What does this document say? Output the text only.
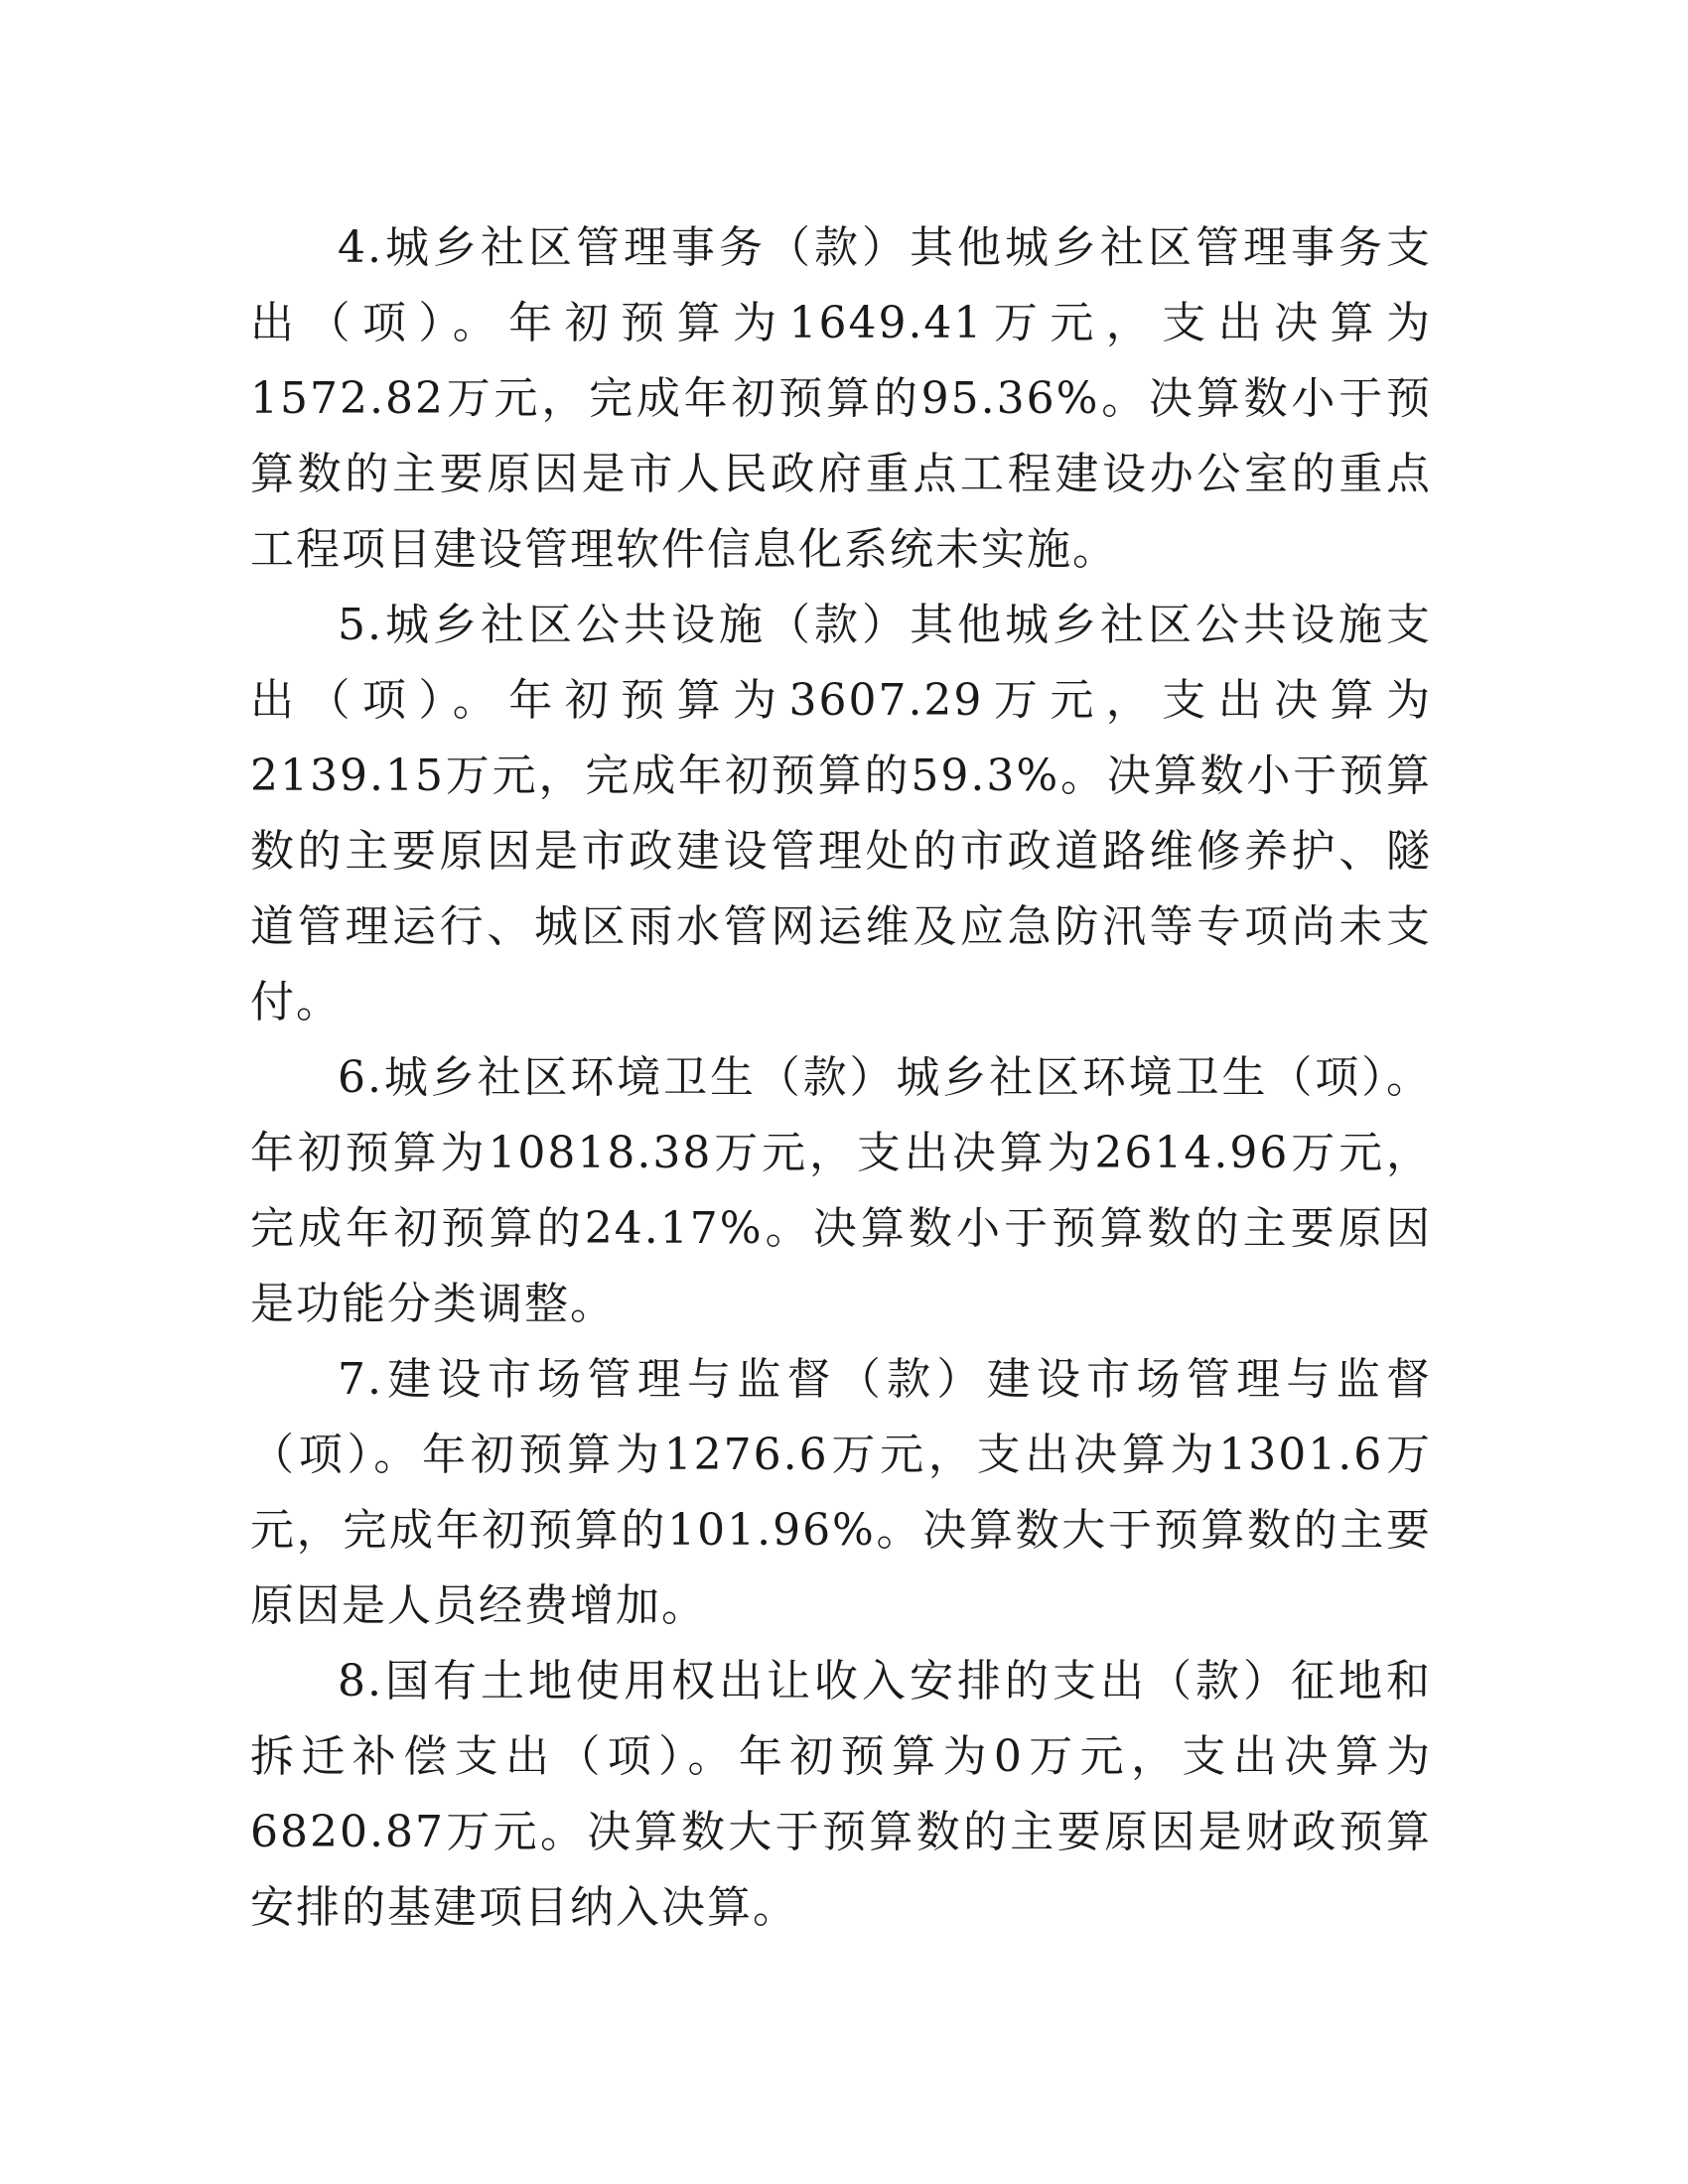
4.城乡社区管理事务（款）其他城乡社区管理事务支出（项）。年初预算为1649.41万元，支出决算为1572.82万元，完成年初预算的95.36%。决算数小于预算数的主要原因是市人民政府重点工程建设办公室的重点工程项目建设管理软件信息化系统未实施。

5.城乡社区公共设施（款）其他城乡社区公共设施支出（项）。年初预算为3607.29万元，支出决算为2139.15万元，完成年初预算的59.3%。决算数小于预算数的主要原因是市政建设管理处的市政道路维修养护、隧道管理运行、城区雨水管网运维及应急防汛等专项尚未支付。

6.城乡社区环境卫生（款）城乡社区环境卫生（项）。年初预算为10818.38万元，支出决算为2614.96万元，完成年初预算的24.17%。决算数小于预算数的主要原因是功能分类调整。

7.建设市场管理与监督（款）建设市场管理与监督（项）。年初预算为1276.6万元，支出决算为1301.6万元，完成年初预算的101.96%。决算数大于预算数的主要原因是人员经费增加。

8.国有土地使用权出让收入安排的支出（款）征地和拆迁补偿支出（项）。年初预算为0万元，支出决算为6820.87万元。决算数大于预算数的主要原因是财政预算安排的基建项目纳入决算。
